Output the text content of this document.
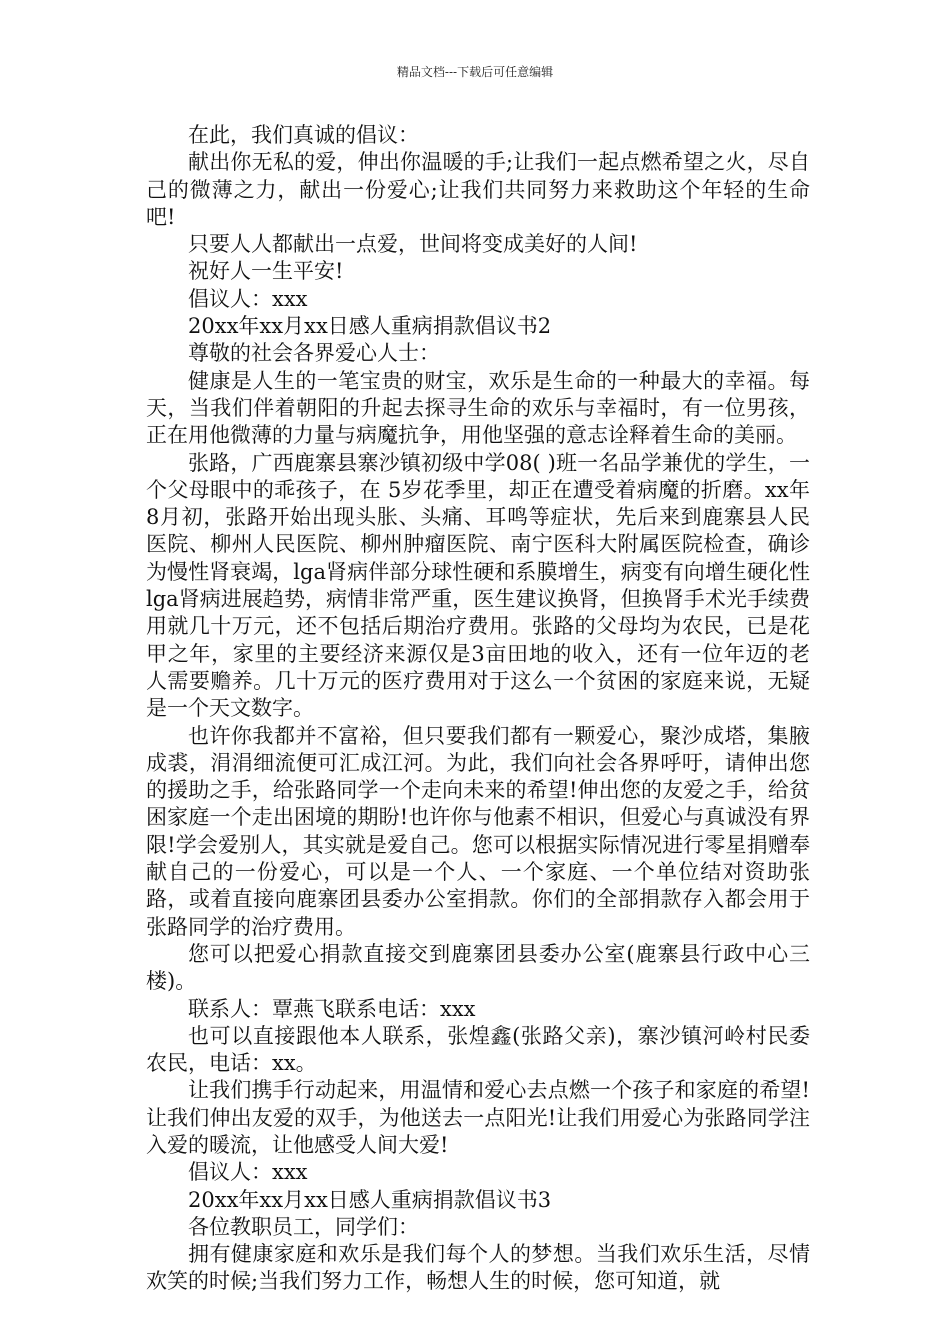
精品文档---下载后可任意编辑

在此，我们真诚的倡议：

献出你无私的爱，伸出你温暖的手;让我们一起点燃希望之火，尽自己的微薄之力，献出一份爱心;让我们共同努力来救助这个年轻的生命吧!

只要人人都献出一点爱，世间将变成美好的人间!

祝好人一生平安!

倡议人：xxx

20xx年xx月xx日感人重病捐款倡议书2

尊敬的社会各界爱心人士：

健康是人生的一笔宝贵的财宝，欢乐是生命的一种最大的幸福。每天，当我们伴着朝阳的升起去探寻生命的欢乐与幸福时，有一位男孩，正在用他微薄的力量与病魔抗争，用他坚强的意志诠释着生命的美丽。

张路，广西鹿寨县寨沙镇初级中学08( )班一名品学兼优的学生，一个父母眼中的乖孩子，在 5岁花季里，却正在遭受着病魔的折磨。xx年8月初，张路开始出现头胀、头痛、耳鸣等症状，先后来到鹿寨县人民医院、柳州人民医院、柳州肿瘤医院、南宁医科大附属医院检查，确诊为慢性肾衰竭，lga肾病伴部分球性硬和系膜增生，病变有向增生硬化性lga肾病进展趋势，病情非常严重，医生建议换肾，但换肾手术光手续费用就几十万元，还不包括后期治疗费用。张路的父母均为农民，已是花甲之年，家里的主要经济来源仅是3亩田地的收入，还有一位年迈的老人需要赡养。几十万元的医疗费用对于这么一个贫困的家庭来说，无疑是一个天文数字。

也许你我都并不富裕，但只要我们都有一颗爱心，聚沙成塔，集腋成裘，涓涓细流便可汇成江河。为此，我们向社会各界呼吁，请伸出您的援助之手，给张路同学一个走向未来的希望!伸出您的友爱之手，给贫困家庭一个走出困境的期盼!也许你与他素不相识，但爱心与真诚没有界限!学会爱别人，其实就是爱自己。您可以根据实际情况进行零星捐赠奉献自己的一份爱心，可以是一个人、一个家庭、一个单位结对资助张路，或着直接向鹿寨团县委办公室捐款。你们的全部捐款存入都会用于张路同学的治疗费用。

您可以把爱心捐款直接交到鹿寨团县委办公室(鹿寨县行政中心三楼)。

联系人：覃燕飞联系电话：xxx

也可以直接跟他本人联系，张煌鑫(张路父亲)，寨沙镇河岭村民委农民，电话：xx。

让我们携手行动起来，用温情和爱心去点燃一个孩子和家庭的希望!让我们伸出友爱的双手，为他送去一点阳光!让我们用爱心为张路同学注入爱的暖流，让他感受人间大爱!

倡议人：xxx

20xx年xx月xx日感人重病捐款倡议书3

各位教职员工，同学们：

拥有健康家庭和欢乐是我们每个人的梦想。当我们欢乐生活，尽情欢笑的时候;当我们努力工作，畅想人生的时候，您可知道，就
